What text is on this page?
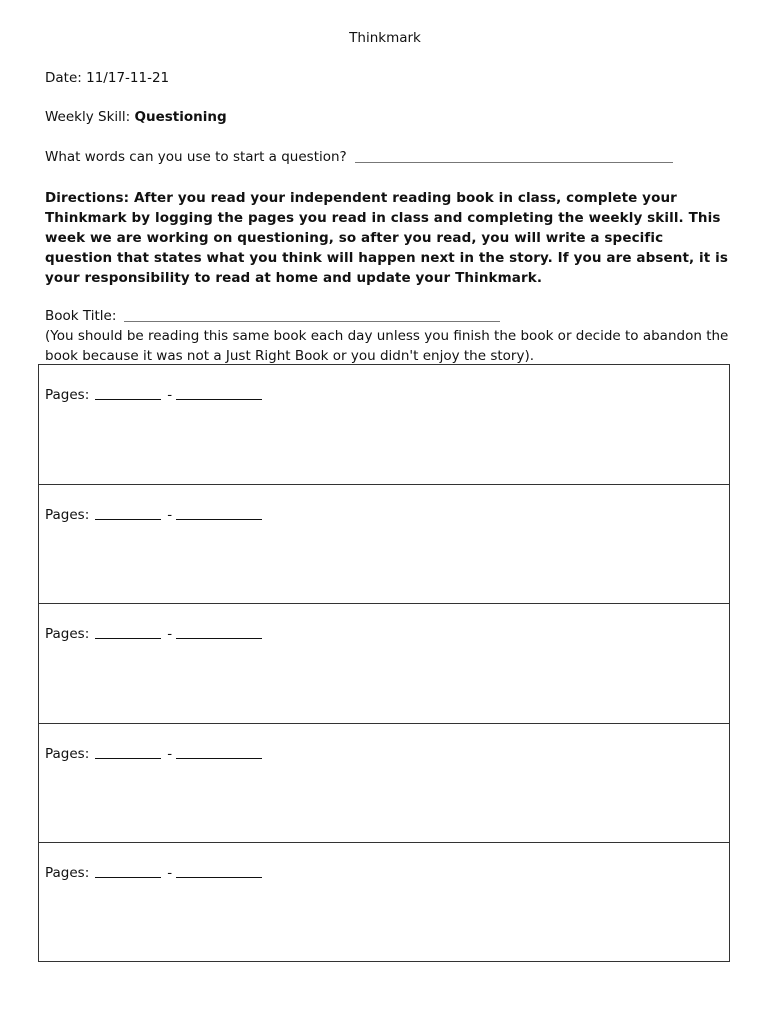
Thinkmark
Date: 11/17-11-21
Weekly Skill: Questioning
What words can you use to start a question?
Directions: After you read your independent reading book in class, complete your Thinkmark by logging the pages you read in class and completing the weekly skill. This week we are working on questioning, so after you read, you will write a specific question that states what you think will happen next in the story. If you are absent, it is your responsibility to read at home and update your Thinkmark.
Book Title:
(You should be reading this same book each day unless you finish the book or decide to abandon the book because it was not a Just Right Book or you didn't enjoy the story).
Pages:	-
Pages:	-
Pages:	-
Pages:	-
Pages:	-
